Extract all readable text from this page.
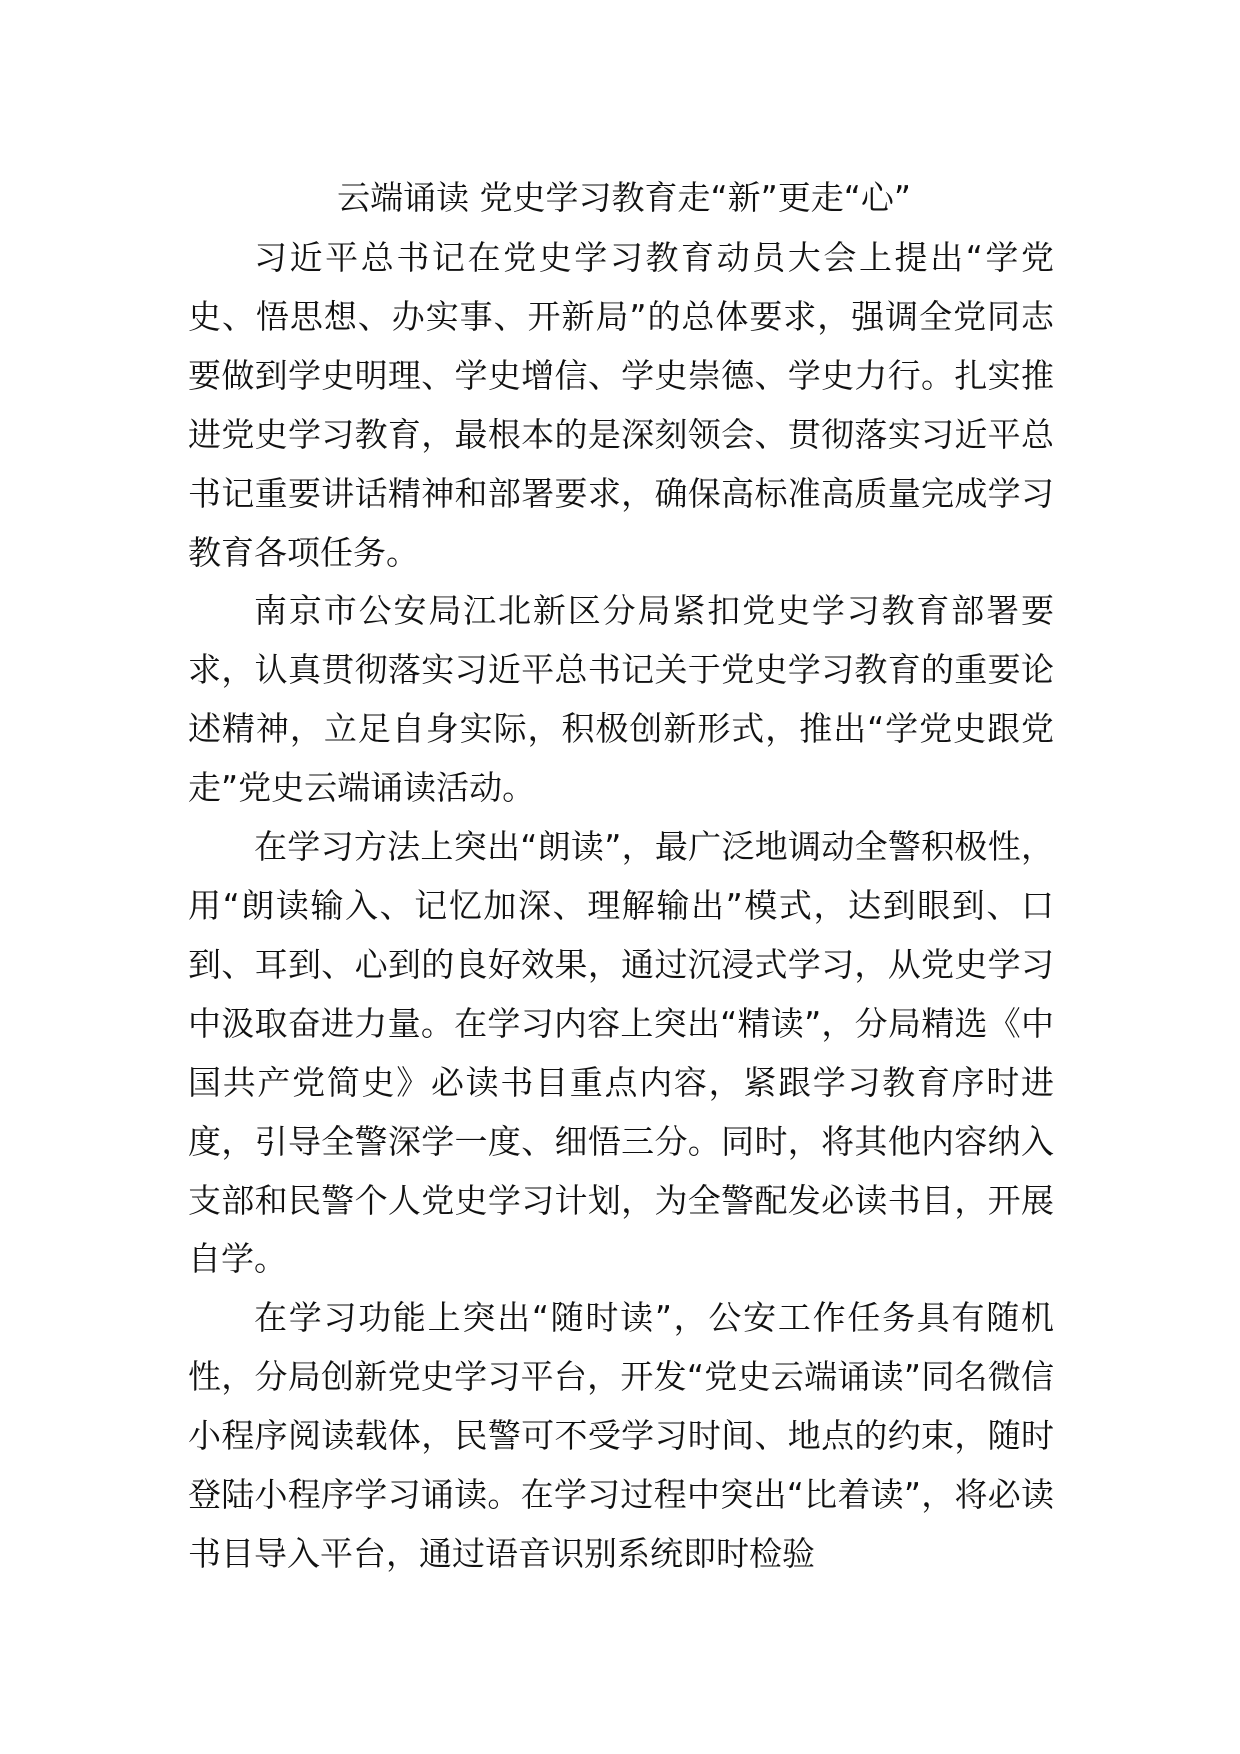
云端诵读 党史学习教育走“新”更走“心”

习近平总书记在党史学习教育动员大会上提出“学党史、悟思想、办实事、开新局”的总体要求，强调全党同志要做到学史明理、学史增信、学史崇德、学史力行。扎实推进党史学习教育，最根本的是深刻领会、贯彻落实习近平总书记重要讲话精神和部署要求，确保高标准高质量完成学习教育各项任务。

南京市公安局江北新区分局紧扣党史学习教育部署要求，认真贯彻落实习近平总书记关于党史学习教育的重要论述精神，立足自身实际，积极创新形式，推出“学党史跟党走”党史云端诵读活动。

在学习方法上突出“朗读”，最广泛地调动全警积极性，用“朗读输入、记忆加深、理解输出”模式，达到眼到、口到、耳到、心到的良好效果，通过沉浸式学习，从党史学习中汲取奋进力量。在学习内容上突出“精读”，分局精选《中国共产党简史》必读书目重点内容，紧跟学习教育序时进度，引导全警深学一度、细悟三分。同时，将其他内容纳入支部和民警个人党史学习计划，为全警配发必读书目，开展自学。

在学习功能上突出“随时读”，公安工作任务具有随机性，分局创新党史学习平台，开发“党史云端诵读”同名微信小程序阅读载体，民警可不受学习时间、地点的约束，随时登陆小程序学习诵读。在学习过程中突出“比着读”，将必读书目导入平台，通过语音识别系统即时检验
